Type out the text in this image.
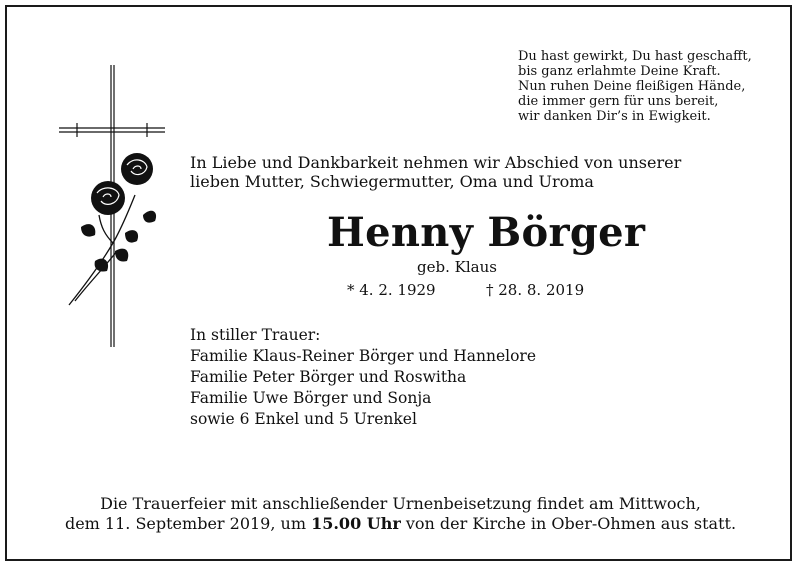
Du hast gewirkt, Du hast geschafft,
bis ganz erlahmte Deine Kraft.
Nun ruhen Deine fleißigen Hände,
die immer gern für uns bereit,
wir danken Dir’s in Ewigkeit.
In Liebe und Dankbarkeit nehmen wir Abschied von unserer
lieben Mutter, Schwiegermutter, Oma und Uroma
Henny Börger
geb. Klaus
* 4. 2. 1929	† 28. 8. 2019
In stiller Trauer:
Familie Klaus-Reiner Börger und Hannelore
Familie Peter Börger und Roswitha
Familie Uwe Börger und Sonja
sowie 6 Enkel und 5 Urenkel
Die Trauerfeier mit anschließender Urnenbeisetzung findet am Mittwoch,
dem 11. September 2019, um 15.00 Uhr von der Kirche in Ober-Ohmen aus statt.
